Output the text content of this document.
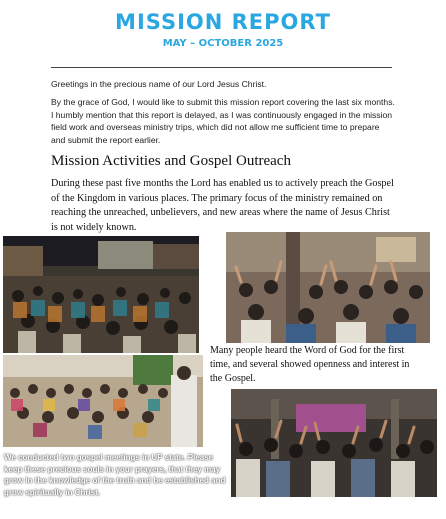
MISSION REPORT
MAY – OCTOBER 2025
Greetings in the precious name of our Lord Jesus Christ.
By the grace of God, I would like to submit this mission report covering the last six months. I humbly mention that this report is delayed, as I was continuously engaged in the mission field work and overseas ministry trips, which did not allow me sufficient time to prepare and submit the report earlier.
Mission Activities and Gospel Outreach
During these past five months the Lord has enabled us to actively preach the Gospel of the Kingdom in various places. The primary focus of the ministry remained on reaching the unreached, unbelievers, and new areas where the name of Jesus Christ is not widely known.
Many people heard the Word of God for the first time, and several showed openness and interest in the Gospel.
We conducted two gospel meetings in UP state. Please keep these precious souls in your prayers, that they may grow in the knowledge of the truth and be established and grow spiritually in Christ.
